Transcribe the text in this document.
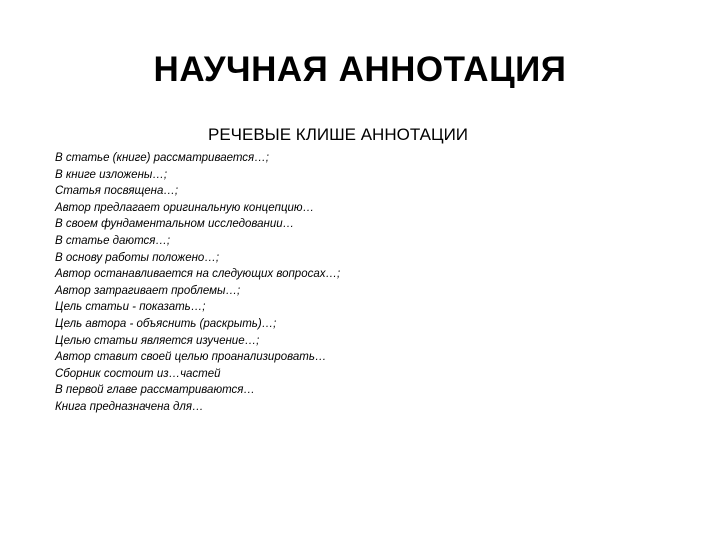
НАУЧНАЯ АННОТАЦИЯ
РЕЧЕВЫЕ КЛИШЕ АННОТАЦИИ
В статье (книге) рассматривается…;
В книге изложены…;
Статья посвящена…;
Автор предлагает оригинальную концепцию…
В своем фундаментальном исследовании…
В статье даются…;
В основу работы положено…;
Автор останавливается на следующих вопросах…;
Автор затрагивает проблемы…;
Цель статьи - показать…;
Цель автора - объяснить (раскрыть)…;
Целью статьи является изучение…;
Автор ставит своей целью проанализировать…
Сборник состоит из…частей
В первой главе рассматриваются…
Книга предназначена для…
